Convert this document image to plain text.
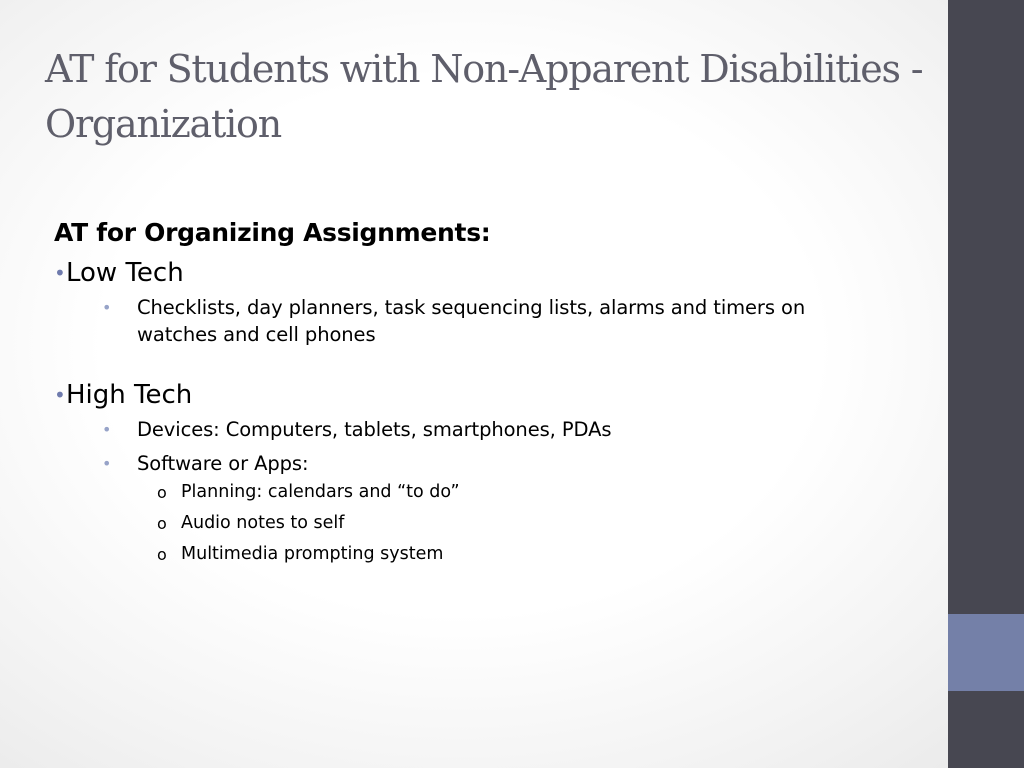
AT for Students with Non-Apparent Disabilities - Organization
AT for Organizing Assignments:
• Low Tech
• Checklists, day planners, task sequencing lists, alarms and timers on watches and cell phones
• High Tech
• Devices: Computers, tablets, smartphones, PDAs
• Software or Apps:
o Planning: calendars and “to do”
o Audio notes to self
o Multimedia prompting system
